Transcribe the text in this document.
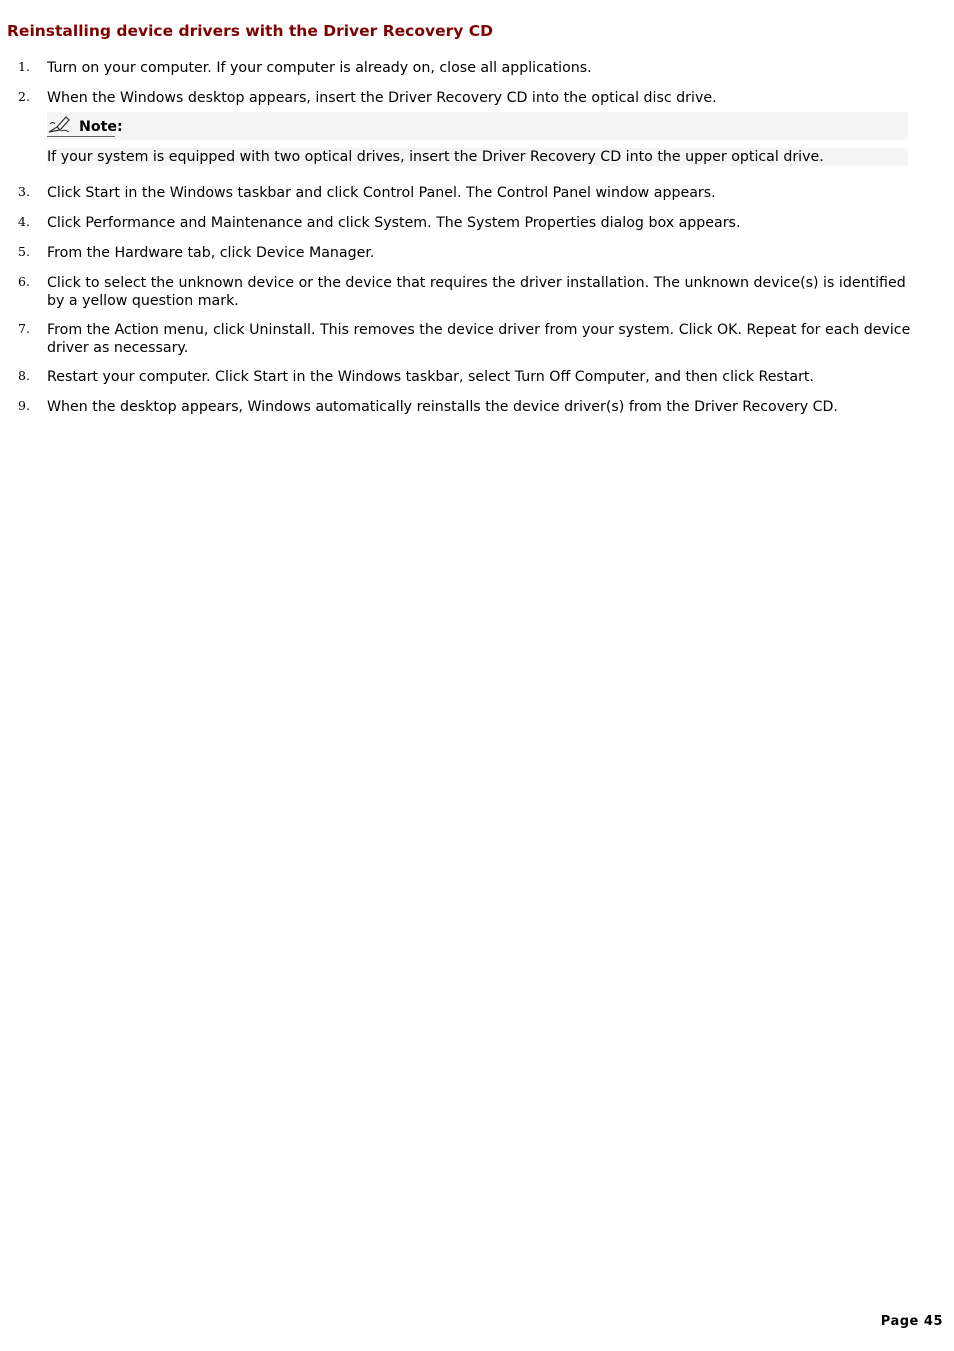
Reinstalling device drivers with the Driver Recovery CD
1. Turn on your computer. If your computer is already on, close all applications.
2. When the Windows desktop appears, insert the Driver Recovery CD into the optical disc drive.
Note:
If your system is equipped with two optical drives, insert the Driver Recovery CD into the upper optical drive.
3. Click Start in the Windows taskbar and click Control Panel. The Control Panel window appears.
4. Click Performance and Maintenance and click System. The System Properties dialog box appears.
5. From the Hardware tab, click Device Manager.
6. Click to select the unknown device or the device that requires the driver installation. The unknown device(s) is identified by a yellow question mark.
7. From the Action menu, click Uninstall. This removes the device driver from your system. Click OK. Repeat for each device driver as necessary.
8. Restart your computer. Click Start in the Windows taskbar, select Turn Off Computer, and then click Restart.
9. When the desktop appears, Windows automatically reinstalls the device driver(s) from the Driver Recovery CD.
Page 45
